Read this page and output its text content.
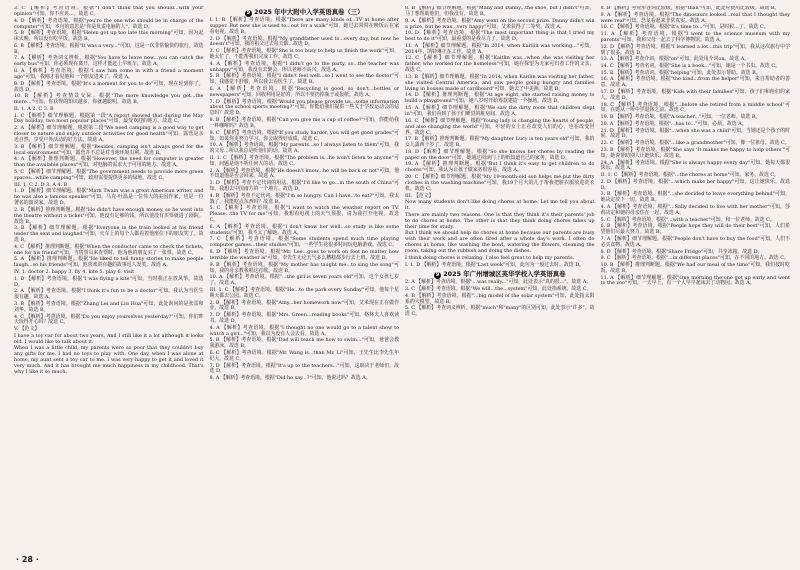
3. C 【解析】考查语境。根据"I don't think that you should...with your opinion"可知，你不应该...。故选 C。

4. D 【解析】考查语境。根据"you're the one who should be in charge of the computer"可知，本句的意思是"你是负责电脑的人"。故选 D。

5. B 【解析】考查语境。根据"Helen got up too late this morning"可知，因为起床太晚，所以没有吃早饭。故选 B。

6. B 【解析】考查语境。根据"It was a very..."可知，这是一次非常愉快的旅行。故选 B。

7. A 【解析】考查词义辨析。根据"You have to leave now...you can catch the early bus"可知，你必须现在离开，这样才能赶上早班车。故选 A。

8. A 【解析】考查语境。根据"I saw him come in with a friend a moment ago"可知，我刚才看见他和一个朋友进来了。故选 A。

9. D 【解析】考查语境。根据"It's a moment for you to do"可知，现在轮到你了。故选 D。

10. B 【解析】考查情景交际。根据"The more knowledge you get...the more..."可知，你获得的知识越多，你就越聪明。故选 B。

II. 1. A 2. C 3. B

1. C 【解析】细节理解题。根据第一段"A report showed that during the May Day holiday, two most popular places"可知，最受欢迎的地方。故选 C。

2. A 【解析】细节理解题。根据第二段"We need camping is a good way to get closer to nature and enjoy outdoor activities for good health"可知，露营是亲近自然、享受户外活动的好方法。故选 A。

3. B 【解析】细节理解题。根据"Besides, camping isn't always good for the local environment"可知，露营并不总是对当地环境有利。故选 B。

4. A 【解析】推理判断题。根据"However, the need for computer is greater than the available places"可知，对电脑的需求大于可用的地方。故选 A。

5. C 【解析】细节理解题。根据"The government needs to provide more green spaces...while camping"可知，政府需要提供更多的绿地。故选 C。

III. 1. C 2. D 3. A 4. B

1. D 【解析】细节理解题。根据"Mark Twain was a great American writer, and he was also a famous speaker"可知，马克·吐温是一位伟大的美国作家，也是一位著名的演说家。故选 D。

2. B 【解析】推理判断题。根据"He didn't have enough money, so he went into the theatre without a ticket"可知，他没有足够的钱，所以他没有买票就进了剧院。故选 B。

3. B 【解析】细节理解题。根据"Everyone in the train looked at his friend under the seat and laughed"可知，火车上的每个人都看着他座位下的朋友笑了。故选 B。

4. C 【解析】推理判断题。根据"When the conductor came to check the tickets, one for his friend"可知，当售票员来查票时，他为他的朋友买了一张票。故选 C。

5. A 【解析】推理判断题。根据"He liked to tell funny stories to make people laugh...so his friends"可知，他喜欢讲有趣的故事逗人发笑。故选 A。

IV. 1. doctor 2. happy 3. fly 4. kite 5. play 6. visit

1. D 【解析】考查语境。根据"I was flying a kite"可知，当时我正在放风筝。故选 D。

2. A 【解析】考查语境。根据"I think it's fun to be a doctor"可知，我认为当医生很有趣。故选 A。

3. B 【解析】考查语境。根据"Zhang Lei and Liu Hua"可知，此处询问的是张雷和刘华。故选 B。

4. C 【解析】考查语境。根据"Do you enjoy yourselves yesterday?"可知，你们昨天玩得开心吗？故选 C。

V. 【范文】

I have a toy car for about two years. And I still like it a lot although it looks old. I would like to talk about it.

When I was a little child, my parents were so poor that they couldn't buy any gifts for me. I had no toys to play with. One day, when I was alone at home, my aunt sent a toy car to me. I was very happy to get it and loved it very much. And it has brought me much happiness in my childhood. That's why I like it so much.

9 2025 年中大附中入学英语真卷（三）

I. 1. B 【解析】考查语境。根据"There are many kinds of...TV at home after supper. But now she is used to...out for a walk"可知，她过去常常在晚饭后在家看电视。故选 B。

2. D 【解析】考查语境。根据"My grandfather used to...every day, but now he doesn't"可知，我的祖父过去每天都...故选 D。

3. C 【解析】考查语境。根据"She is too busy to help us finish the work"可知，她太忙了，不能帮我们完成工作。故选 C。

4. A 【解析】考查语境。根据"I didn't go to the party, so...the teacher was unhappy"可知，我没有去聚会，所以老师不高兴。故选 A。

5. B 【解析】考查语境。根据"I didn't feel well...so I went to see the doctor"可知，我感觉不舒服，所以我去看医生了。故选 B。

6. A 【解析】考查语境。根据"Recycling is good, so don't...bottles or newspapers"可知，回收利用是好的，所以不要扔掉瓶子或报纸。故选 A。

7. D 【解析】考查语境。根据"Would you please provide us...some information about the school sports meeting?"可知，你能给我们提供一些关于学校运动会的信息吗？故选 D。

8. B 【解析】考查语境。根据"Can you give me a cup of coffee?"可知，你能给我一杯咖啡吗？故选 B。

9. C 【解析】考查语境。根据"If you study harder, you will get good grades"可知，如果你更努力学习，你会取得好成绩。故选 C。

10. A 【解析】考查语境。根据"My parents...so I always listen to them"可知，我的父母...所以我总是听他们的话。故选 A。

II. 1. C 【解析】考查语境。根据"The problem is...he won't listen to anyone"可知，问题是他不听任何人的话。故选 C。

2. A 【解析】考查语境。根据"He doesn't know...he will be back or not"可知，他不知道他是否会回来。故选 A。

3. D 【解析】考查不定代词的用法。根据"I'd like to go...in the south of China"可知，我想去中国南方的一个地方。故选 D。

4. B 【解析】考查不定代词。根据"I'm so hungry. Can I have...to eat?"可知，我太饿了，我能吃点东西吗？故选 B。

5. C 【解析】考查语境。根据"I want to watch the weather report on TV. Please...the TV for me"可知，我想看电视上的天气预报，请为我打开电视。故选 C。

6. A 【解析】考查语境。根据"I don't know her well...so study is like some students"可知，我不太了解她。故选 A。

7. C 【解析】考查语境。根据"Some students spend much time playing computer games...their studies"可知，一些学生花很多时间玩电脑游戏。故选 C。

8. D 【解析】考查语境。根据"Mr. Lee...goes to work on foot no matter how terrible the weather is"可知，李先生无论天气多么糟糕都步行去上班。故选 D。

9. B 【解析】考查语境。根据"My mother has taught me...to sing the song"可知，我的母亲教我唱这首歌。故选 B。

10. A 【解析】考查语境。根据"...the girl is seven years old"可知，这个女孩七岁了。故选 A。

III. 1. C 【解析】考查语境。根据"He...to the park every Sunday"可知，他每个星期天都去公园。故选 C。

2. B 【解析】考查语境。根据"Amy...her homework now"可知，艾米现在正在做作业。故选 B。

3. D 【解析】考查语境。根据"Mrs. Green...reading books"可知，格林夫人喜欢读书。故选 D。

4. A 【解析】考查语境。根据"I thought no one would go to a talent show to watch a girl..."可知，我以为没有人会去看。故选 A。

5. B 【解析】考查语境。根据"Dad will teach me how to swim..."可知，爸爸会教我游泳。故选 B。

6. C 【解析】考查语境。根据"Mr. Wang is...than Mr. Li"可知，王先生比李先生年纪大。故选 C。

7. D 【解析】考查语境。根据"It's up to the teachers..."可知，这取决于老师们。故选 D。

8. A 【解析】考查语境。根据"Did he say...?"可知，他说过吗？故选 A。

8. B 【解析】细节理解题。根据"Many and Danny...the shoe, but I didn't"可知，马丁想帮助他们，但我没有。故选 B。

9. A 【解析】考查语境。根据"Amy went on the second prize. Danny didn't win a prize, but he was...very happy"可知，艾米获得了二等奖。故选 A。

10. D 【解析】考查语境。根据"The most important thing is that I tried my best to do it"可知，最重要的是我尽力了。故选 D。

11. A 【解析】细节理解题。根据"In 2014, when Kaitlin was working..."可知，2014年，凯特琳正在工作。故选 A。

12. C 【解析】细节理解题。根据"Kaitlin was...when she was visiting her father, who worked for the homeless"可知，她在探望为无家可归者工作的父亲。故选 C。

13. B 【解析】细节理解题。根据"In 2014, when Kaitlin was visiting her father, she visited Central America, and saw people going hungry and families living in houses made of cardboard"可知，她去了中美洲。故选 B。

14. D 【解析】推理判断题。根据"At age eight, she started raising money to build a playground"可知，她八岁时开始筹款建造一个操场。故选 D。

15. A 【解析】细节理解题。根据"We saw the dirty room that children slept in"可知，我们看到了孩子们睡觉的脏房间。故选 A。

16. C 【解析】细节理解题。根据"Young lady is changing the hearts of people, and also changing the world"可知，年轻的女士正在改变人们的心，也在改变世界。故选 C。

17. B 【解析】推理判断题。根据"My daughter Lucy is ten years old"可知，我的女儿露西十岁了。故选 B。

18. D 【解析】细节理解题。根据"So she knows her chores by reading the paper on the door"可知，她通过阅读门上的纸知道自己的家务。故选 D。

19. A 【解析】推理判断题。根据"But I think it's easy to get children to do chores"可知，我认为让孩子做家务很容易。故选 A。

20. C 【解析】细节理解题。根据"My 19-month-old son helps me put the dirty clothes in the washing machine"可知，我19个月大的儿子帮我把脏衣服放进洗衣机。故选 C。

III. 【范文】

Now many students don't like doing chores at home. Let me tell you about it.

There are mainly two reasons. One is that they think it's their parents' job to do chores at home. The other is that they think doing chores takes up their time for study.

But I think we should help do chores at home because our parents are busy with their work and are often tired after a whole day's work. I often do chores at home, like washing the bowl, watering the flowers, cleaning the room, taking out the rubbish and doing the dishes.

I think doing chores is relaxing. I also feel great to help my parents.

I. 1. D 【解析】考查语境。根据"Last week"可知，此句为一般过去时。故选 D。

9 2025 年广州增城区英华学校入学英语真卷

2. A 【解析】考查语境。根据"...was really..."可知，此处表示"真的很..."。故选 A。

3. C 【解析】考查语境。根据"We will...the...system"可知，此处指系统。故选 C。

4. B 【解析】考查语境。根据"...big model of the solar system"可知，此处指太阳系的大模型。故选 B。

5. C 【解析】考查词义辨析。根据"much"和"many"的区别可知，此处表示"许多"。故选 C。

8. B 【解析】考查形容词比较级。根据"than"可知，此处应使用比较级。故选 B。

9. A 【解析】考查语境。根据"The dinosaurs looked...real that I thought they were real"可知，恐龙看起来非常真实。故选 A。

10. C 【解析】考查语境。根据"It's time to..."可知，是时候...了。故选 C。

11. A 【解析】考查语境。根据"I went to the science museum with my parents"可知，我和父母一起去了科学博物馆。故选 A。

12. D 【解析】考查语境。根据"I learned a lot...this trip"可知，我从这次旅行中学到了很多。故选 D。

13. A 【解析】考查介词。根据"on"可知，此处用介词on。故选 A。

14. C 【解析】考查名词。根据"She is a book..."可知，她是一个书虫。故选 C。

15. B 【解析】考查动词。根据"helping"可知，此处表示帮助。故选 B。

16. A 【解析】考查语境。根据"the kind...from the helper"可知，来自帮助者的善意。故选 A。

17. D 【解析】考查语境。根据"Kids with their families"可知，孩子们和他们的家人。故选 D。

18. C 【解析】考查语境。根据"...before she retired from a middle school"可知，在她从一所中学退休之前。故选 C。

19. B 【解析】考查语境。根据"A teacher..."可知，一位老师。故选 B。

20. A 【解析】考查语境。根据"...has to..."可知，必须。故选 A。

21. D 【解析】考查语境。根据"...when she was a child"可知，当她还是个孩子的时候。故选 D。

22. C 【解析】考查语境。根据"...like a grandmother"可知，像一位祖母。故选 C。

23. B 【解析】考查语境。根据"She says 'It makes me happy to help others'"可知，她说帮助别人让她快乐。故选 B。

24. A 【解析】考查语境。根据"She is always happy every day"可知，她每天都很快乐。故选 A。

II. 1. C 【解析】考查语境。根据"...the chores at home"可知，家务。故选 C。

2. D 【解析】考查语境。根据"...which make her happy"可知，这让她快乐。故选 D。

3. B 【解析】考查语境。根据"...she decided to leave everything behind"可知，她决定放下一切。故选 B。

4. A 【解析】考查语境。根据"...Sally decided to live with her mother"可知，莎莉决定和她的母亲住在一起。故选 A。

5. C 【解析】考查语境。根据"...with a teacher"可知，和一位老师。故选 C。

6. B 【解析】考查语境。根据"People hope they will do their best"可知，人们希望他们尽最大努力。故选 B。

7. A 【解析】细节理解题。根据"People don't have to buy the food"可知，人们不必买食物。故选 A。

8. D 【解析】考查语境。根据"Share Fridge"可知，共享冰箱。故选 D。

9. C 【解析】考查语境。根据"...in different places"可知，在不同的地方。故选 C。

10. B 【解析】推理判断题。根据"We had our meal of the time"可知，我们按时吃饭。故选 B。

11. A 【解析】细节理解题。根据"One morning the one got up early and went to the zoo"可知，一天早上，有一个人早早起床去了动物园。故选 A。

· 28 ·
